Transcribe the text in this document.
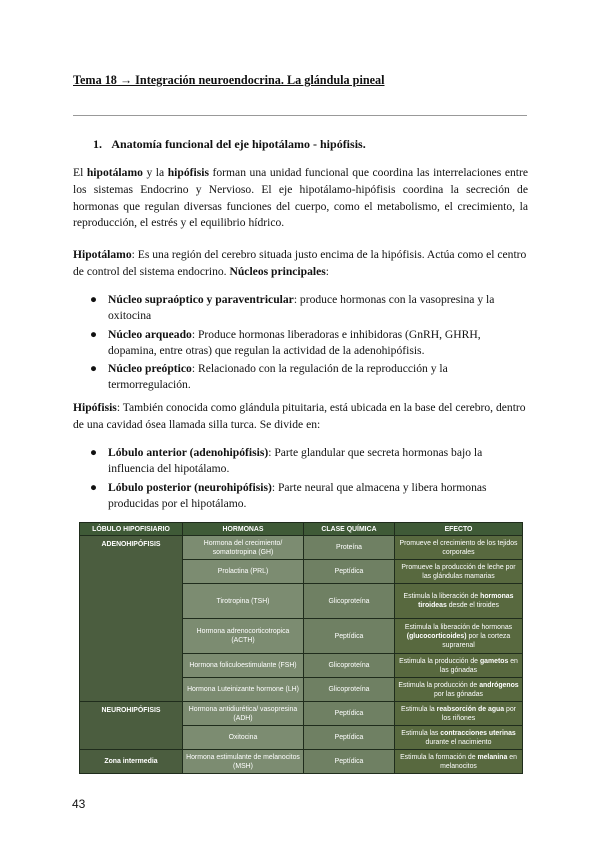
Tema 18 → Integración neuroendocrina. La glándula pineal
1. Anatomía funcional del eje hipotálamo - hipófisis.
El hipotálamo y la hipófisis forman una unidad funcional que coordina las interrelaciones entre los sistemas Endocrino y Nervioso. El eje hipotálamo-hipófisis coordina la secreción de hormonas que regulan diversas funciones del cuerpo, como el metabolismo, el crecimiento, la reproducción, el estrés y el equilibrio hídrico.
Hipotálamo: Es una región del cerebro situada justo encima de la hipófisis. Actúa como el centro de control del sistema endocrino. Núcleos principales:
● Núcleo supraóptico y paraventricular: produce hormonas con la vasopresina y la oxitocina
● Núcleo arqueado: Produce hormonas liberadoras e inhibidoras (GnRH, GHRH, dopamina, entre otras) que regulan la actividad de la adenohipófisis.
● Núcleo preóptico: Relacionado con la regulación de la reproducción y la termorregulación.
Hipófisis: También conocida como glándula pituitaria, está ubicada en la base del cerebro, dentro de una cavidad ósea llamada silla turca. Se divide en:
● Lóbulo anterior (adenohipófisis): Parte glandular que secreta hormonas bajo la influencia del hipotálamo.
● Lóbulo posterior (neurohipófisis): Parte neural que almacena y libera hormonas producidas por el hipotálamo.
LÓBULO HIPOFISIARIO	HORMONAS	CLASE QUÍMICA	EFECTO
ADENOHIPÓFISIS	Hormona del crecimiento/ somatotropina (GH)	Proteína	Promueve el crecimiento de los tejidos corporales
	Prolactina (PRL)	Peptídica	Promueve la producción de leche por las glándulas mamarias
	Tirotropina (TSH)	Glicoproteína	Estimula la liberación de hormonas tiroideas desde el tiroides
	Hormona adrenocorticotropica (ACTH)	Peptídica	Estimula la liberación de hormonas (glucocorticoides) por la corteza suprarenal
	Hormona foliculoestimulante (FSH)	Glicoproteína	Estimula la producción de gametos en las gónadas
	Hormona Luteinizante hormone (LH)	Glicoproteína	Estimula la producción de andrógenos por las gónadas
NEUROHIPÓFISIS	Hormona antidiurética/ vasopresina (ADH)	Peptídica	Estimula la reabsorción de agua por los riñones
	Oxitocina	Peptídica	Estimula las contracciones uterinas durante el nacimiento
Zona intermedia	Hormona estimulante de melanocitos (MSH)	Peptídica	Estimula la formación de melanina en melanocitos
43
